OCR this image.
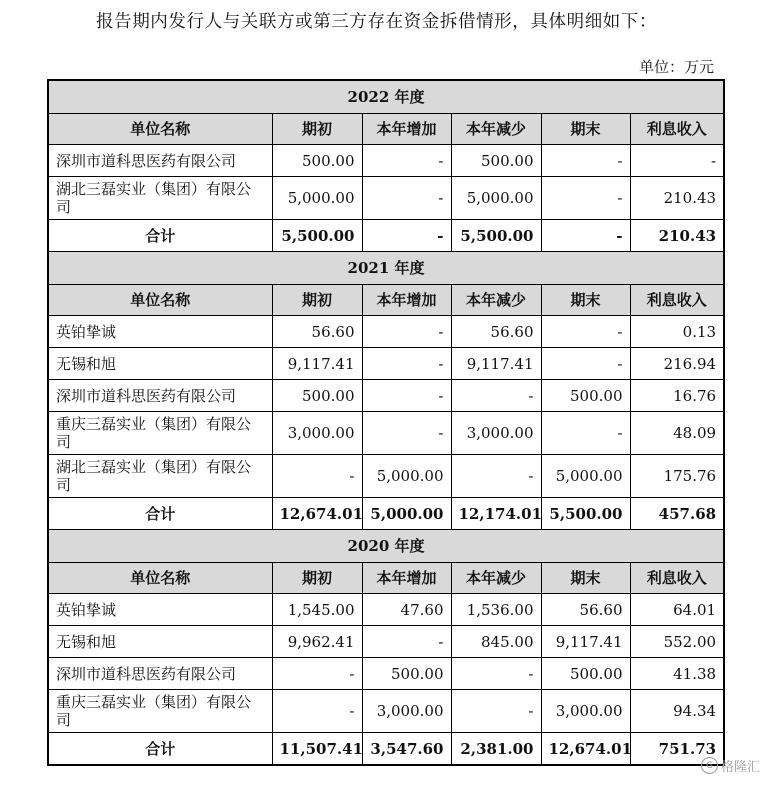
报告期内发行人与关联方或第三方存在资金拆借情形，具体明细如下：
单位：万元
2022 年度					
单位名称	期初	本年增加	本年减少	期末	利息收入
深圳市道科思医药有限公司	500.00	-	500.00	-	-
湖北三磊实业（集团）有限公司	5,000.00	-	5,000.00	-	210.43
合计	5,500.00	-	5,500.00	-	210.43
2021 年度					
单位名称	期初	本年增加	本年减少	期末	利息收入
英铂挚诚	56.60	-	56.60	-	0.13
无锡和旭	9,117.41	-	9,117.41	-	216.94
深圳市道科思医药有限公司	500.00	-	-	500.00	16.76
重庆三磊实业（集团）有限公司	3,000.00	-	3,000.00	-	48.09
湖北三磊实业（集团）有限公司	-	5,000.00	-	5,000.00	175.76
合计	12,674.01	5,000.00	12,174.01	5,500.00	457.68
2020 年度					
单位名称	期初	本年增加	本年减少	期末	利息收入
英铂挚诚	1,545.00	47.60	1,536.00	56.60	64.01
无锡和旭	9,962.41	-	845.00	9,117.41	552.00
深圳市道科思医药有限公司	-	500.00	-	500.00	41.38
重庆三磊实业（集团）有限公司	-	3,000.00	-	3,000.00	94.34
合计	11,507.41	3,547.60	2,381.00	12,674.01	751.73
G 格隆汇
